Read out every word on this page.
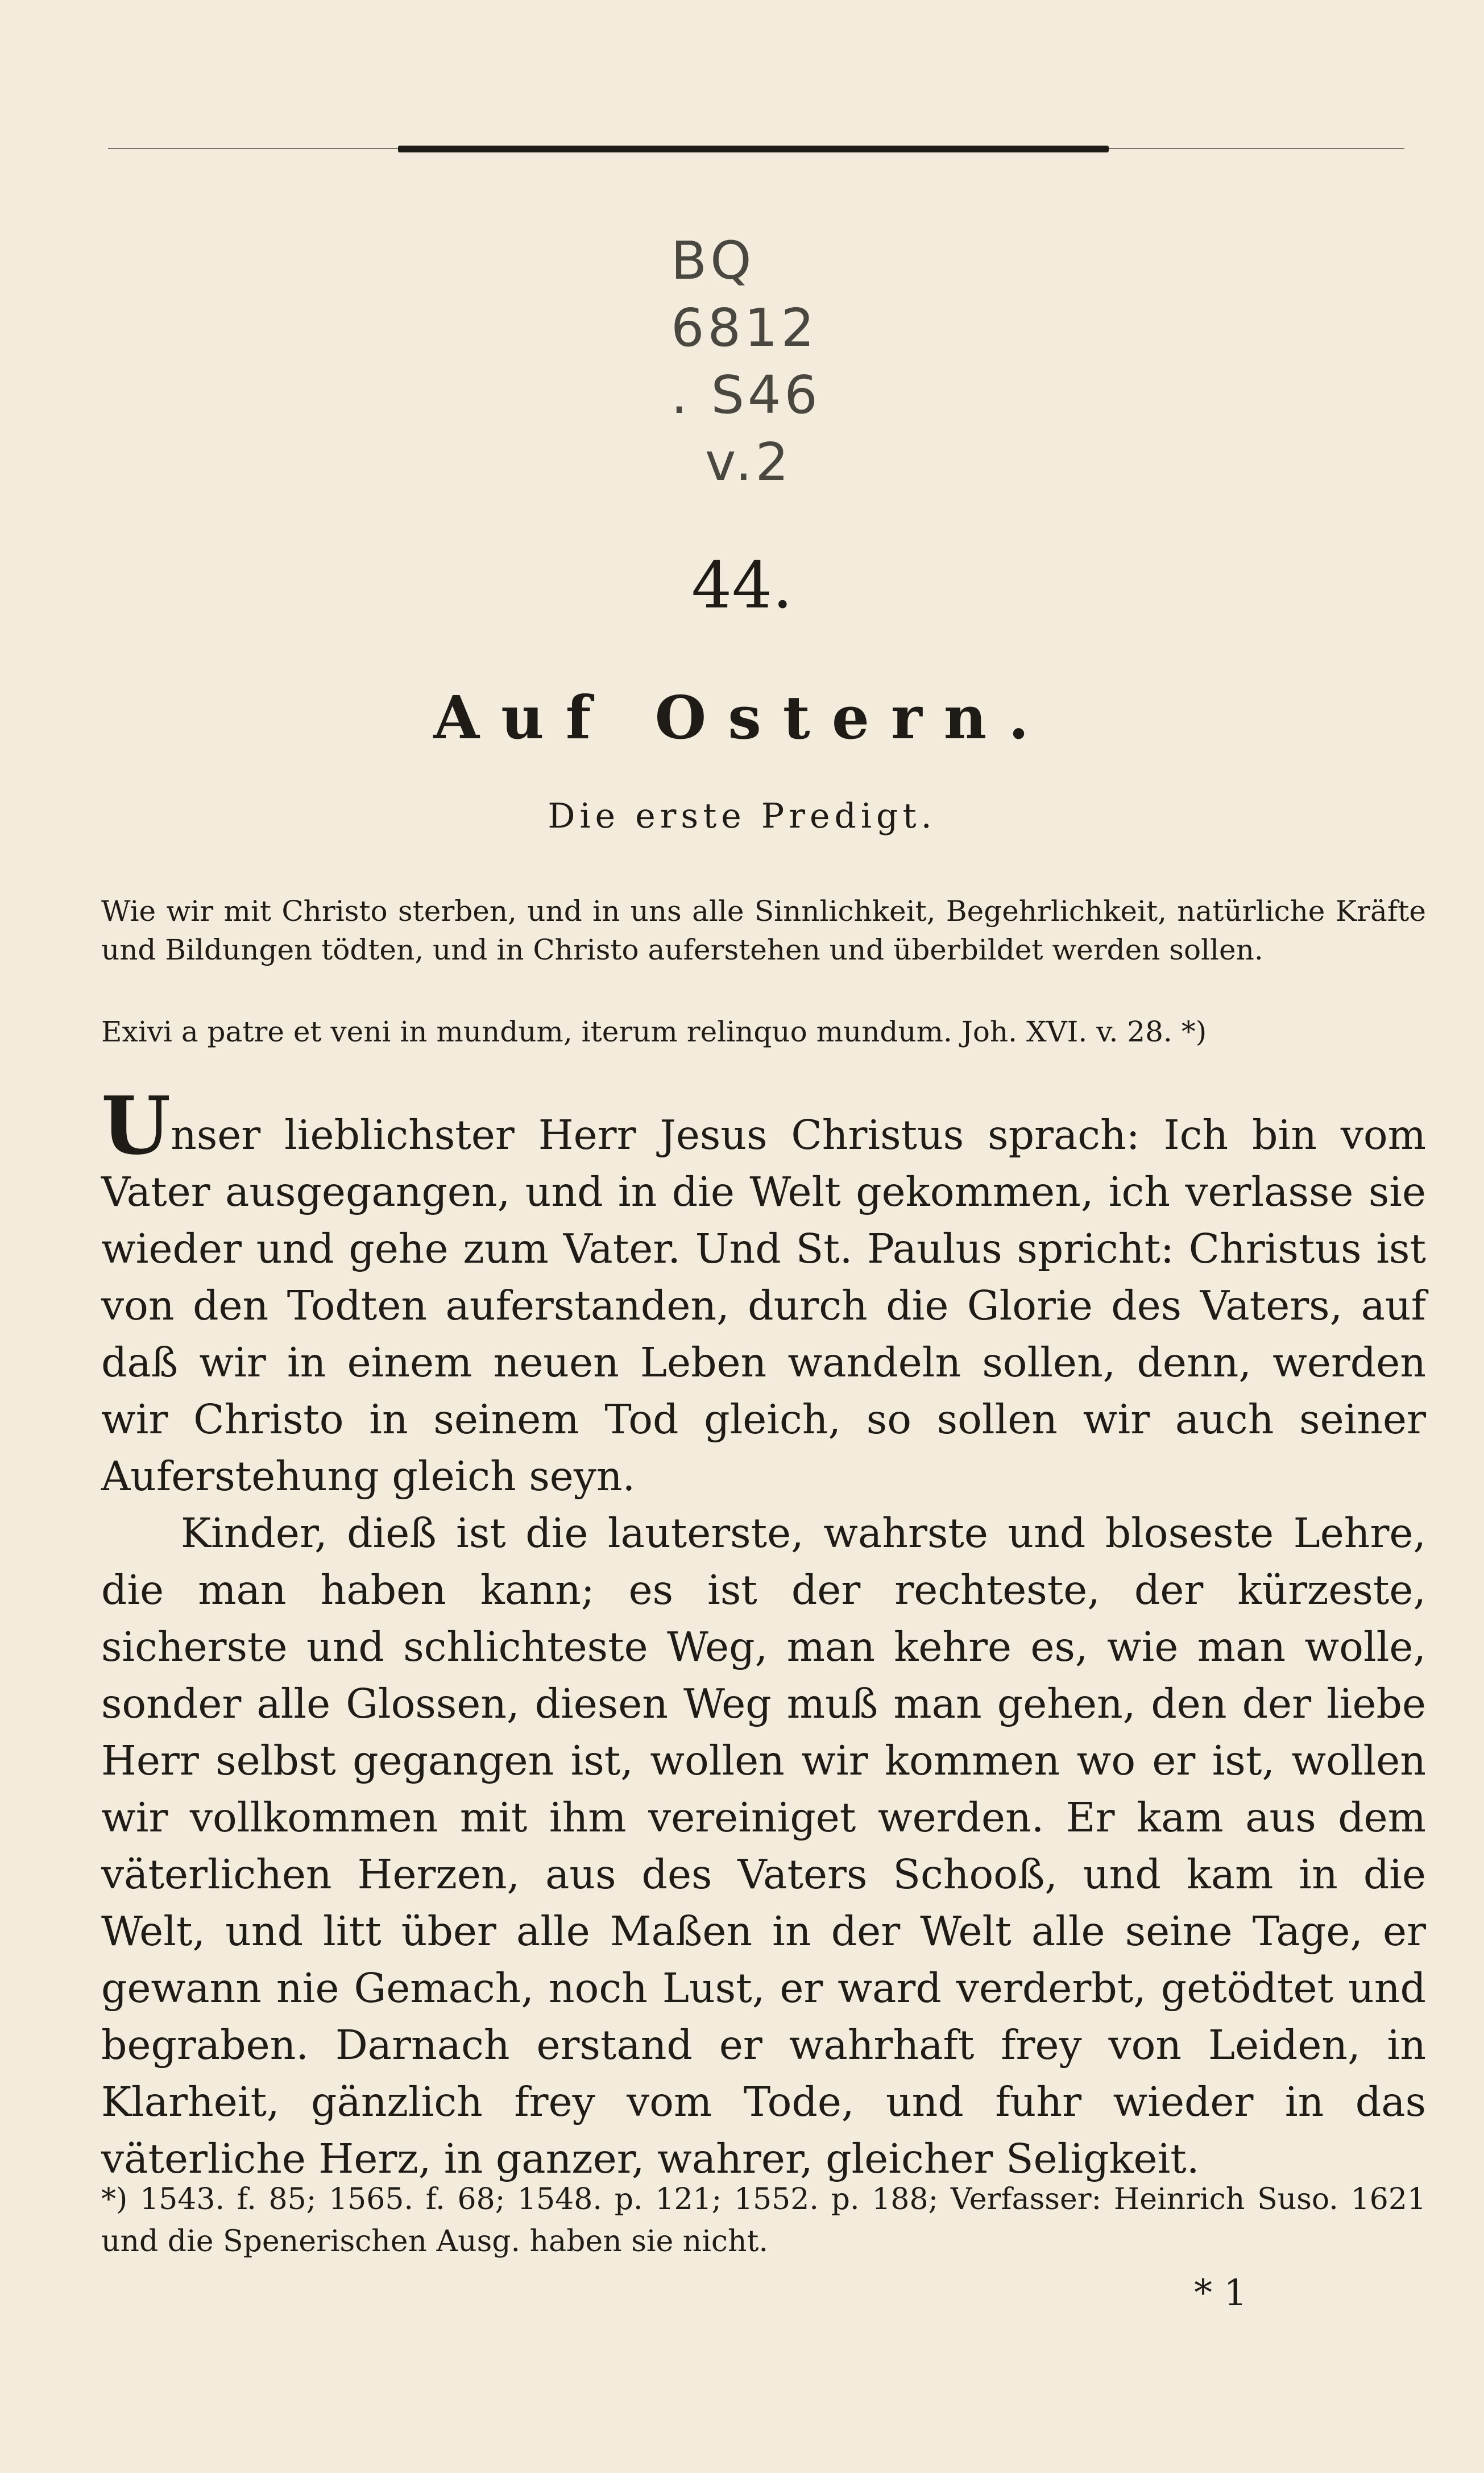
BQ
6812
. S46
v.2
44.
Auf Ostern.
Die erste Predigt.
Wie wir mit Christo sterben, und in uns alle Sinnlichkeit, Begehrlichkeit, natürliche Kräfte und Bildungen tödten, und in Christo auferstehen und überbildet werden sollen.
Exivi a patre et veni in mundum, iterum relinquo mundum. Joh. XVI. v. 28. *)

Unser lieblichster Herr Jesus Christus sprach: Ich bin vom Vater ausgegangen, und in die Welt gekommen, ich verlasse sie wieder und gehe zum Vater. Und St. Paulus spricht: Christus ist von den Todten auferstanden, durch die Glorie des Vaters, auf daß wir in einem neuen Leben wandeln sollen, denn, werden wir Christo in seinem Tod gleich, so sollen wir auch seiner Auferstehung gleich seyn.

Kinder, dieß ist die lauterste, wahrste und bloseste Lehre, die man haben kann; es ist der rechteste, der kürzeste, sicherste und schlichteste Weg, man kehre es, wie man wolle, sonder alle Glossen, diesen Weg muß man gehen, den der liebe Herr selbst gegangen ist, wollen wir kommen wo er ist, wollen wir vollkommen mit ihm vereiniget werden. Er kam aus dem väterlichen Herzen, aus des Vaters Schooß, und kam in die Welt, und litt über alle Maßen in der Welt alle seine Tage, er gewann nie Gemach, noch Lust, er ward verderbt, getödtet und begraben. Darnach erstand er wahrhaft frey von Leiden, in Klarheit, gänzlich frey vom Tode, und fuhr wieder in das väterliche Herz, in ganzer, wahrer, gleicher Seligkeit.

*) 1543. f. 85; 1565. f. 68; 1548. p. 121; 1552. p. 188; Verfasser: Heinrich Suso. 1621 und die Spenerischen Ausg. haben sie nicht.
* 1
